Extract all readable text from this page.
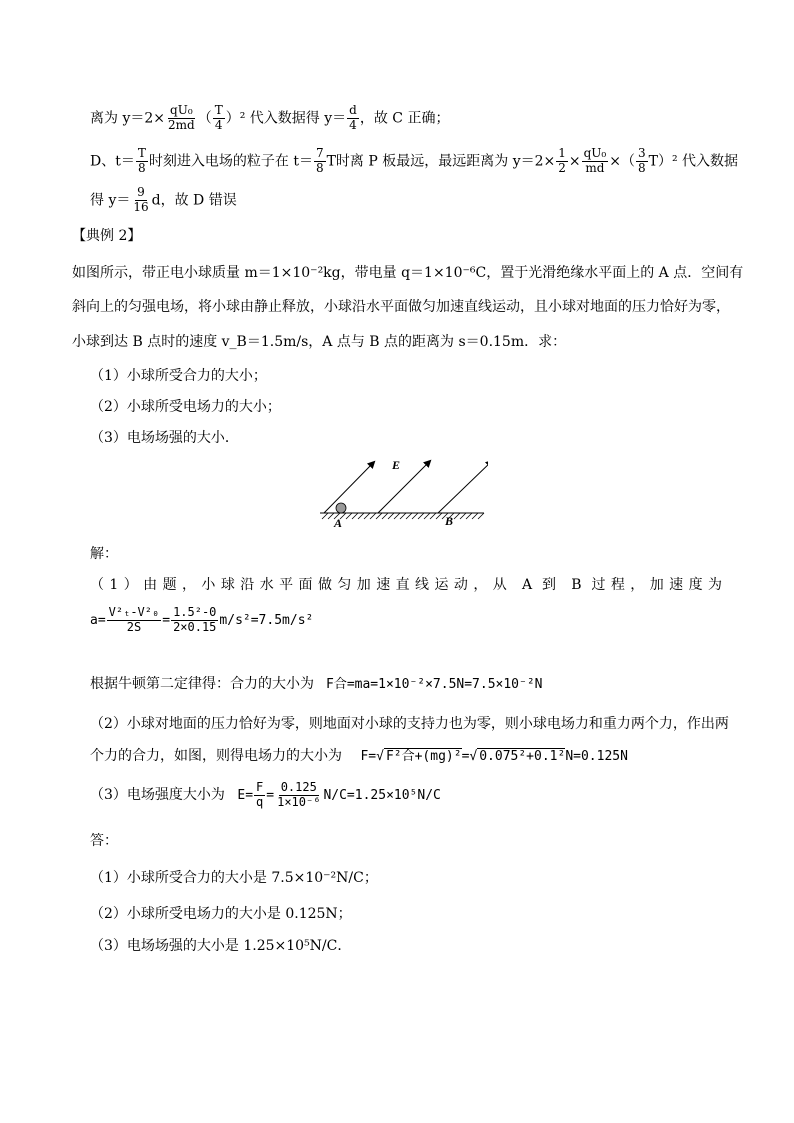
离为 $y=2\times \frac{\text{qU₀}}{2md}$ （ $\frac{T}{4} )^2$ 代入数据得 $y= \frac{d}{4}$ ，故 C 正确；
D、$t= \frac{T}{8}$ 时刻进入电场的粒子在 $t= \frac{7}{8}$ T时离 P 板最远，最远距离为 $y=2\times \frac{1}{2} \times \frac{\text{qU₀}}{md}$ ×（ $\frac{3}{8} T)^2$ 代入数据
得 $y= \frac{9}{16}$ d，故 D 错误
【典例 2】
如图所示，带正电小球质量 m＝1×10⁻²kg，带电量 q＝1×10⁻⁶C，置于光滑绝缘水平面上的 A 点．空间有
斜向上的匀强电场，将小球由静止释放，小球沿水平面做匀加速直线运动，且小球对地面的压力恰好为零，
小球到达 B 点时的速度 v_B＝1.5m/s，A 点与 B 点的距离为 s＝0.15m．求：
（1）小球所受合力的大小；
（2）小球所受电场力的大小；
（3）电场场强的大小．
E
A	B
解：
（1）由题，小球沿水平面做匀加速直线运动，从 A 到 B 过程，加速度为
$a= \frac{\text{V²ₜ-V²₀}}{2S} = \frac{\text{1.5²-0}}{2\times 0.15} m/s^2=7.5m/s^2$
根据牛顿第二定律得：合力的大小为 F合=ma=1×10⁻²×7.5N=7.5×10⁻²N
（2）小球对地面的压力恰好为零，则地面对小球的支持力也为零，则小球电场力和重力两个力，作出两
个力的合力，如图，则得电场力的大小为 F=√ F²合+(mg)²=√ 0.075²+0.1²N=0.125N
（3）电场强度大小为 $E= \frac{F}{q} = \frac{0.125}{\text{1×10⁻⁶}} N/C=1.25\times 10^5N/C$
答：
（1）小球所受合力的大小是 7.5×10⁻²N/C；
（2）小球所受电场力的大小是 0.125N；
（3）电场场强的大小是 1.25×10⁵N/C．
